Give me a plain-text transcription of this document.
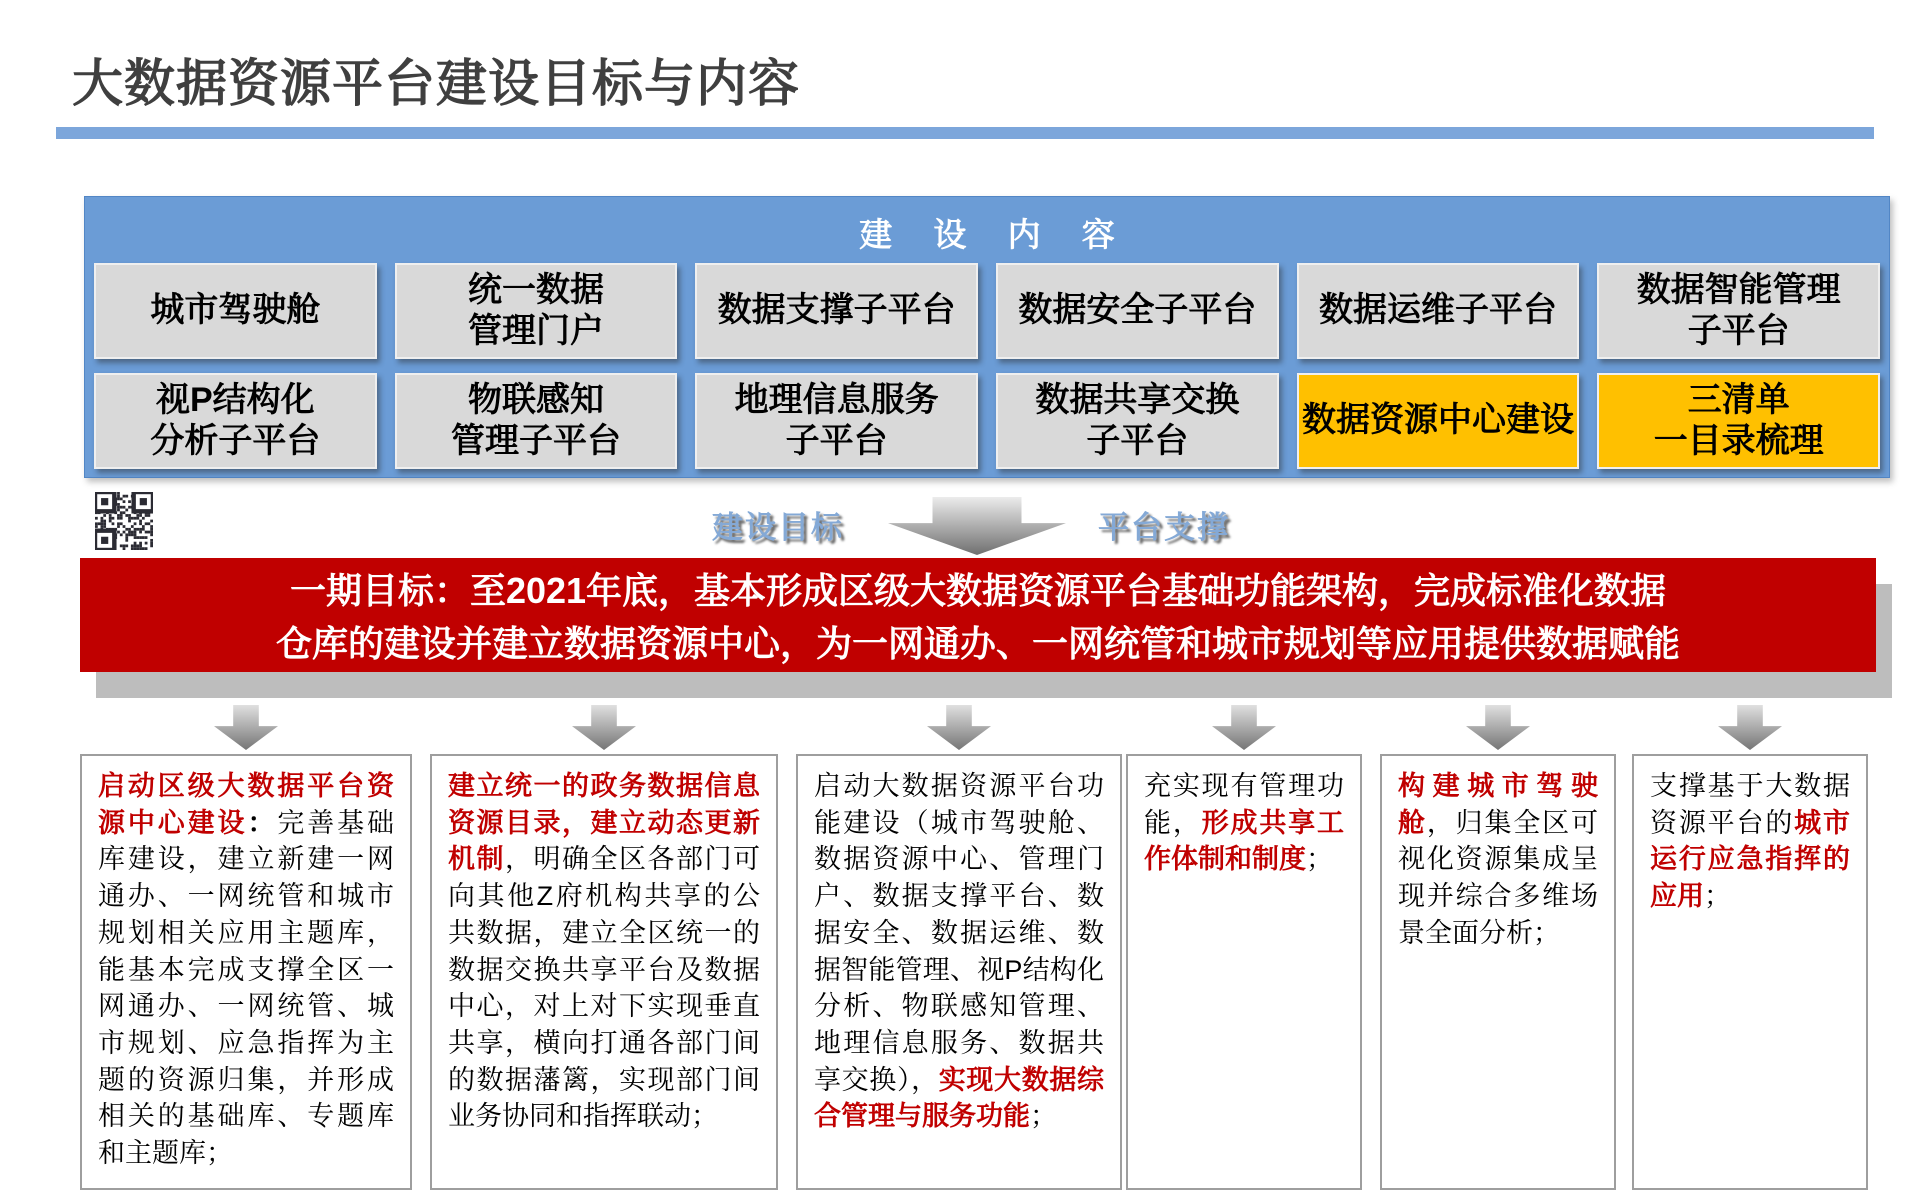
大数据资源平台建设目标与内容
建 设 内 容
城市驾驶舱
统一数据
管理门户
数据支撑子平台 数据安全子平台 数据运维子平台
数据智能管理
子平台
视P结构化
分析子平台
物联感知
管理子平台
地理信息服务
子平台
数据共享交换
子平台
数据资源中心建设
三清单
一目录梳理
建设目标	平台支撑
一期目标：至2021年底，基本形成区级大数据资源平台基础功能架构，完成标准化数据
仓库的建设并建立数据资源中心，为一网通办、一网统管和城市规划等应用提供数据赋能
启动区级大数据平台资源中心建设：完善基础库建设，建立新建一网通办、一网统管和城市规划相关应用主题库，能基本完成支撑全区一网通办、一网统管、城市规划、应急指挥为主题的资源归集，并形成相关的基础库、专题库和主题库；
建立统一的政务数据信息资源目录，建立动态更新机制，明确全区各部门可向其他Z府机构共享的公共数据，建立全区统一的数据交换共享平台及数据中心，对上对下实现垂直共享，横向打通各部门间的数据藩篱，实现部门间业务协同和指挥联动；
启动大数据资源平台功能建设（城市驾驶舱、数据资源中心、管理门户、数据支撑平台、数据安全、数据运维、数据智能管理、视P结构化分析、物联感知管理、地理信息服务、数据共享交换），实现大数据综合管理与服务功能；
充实现有管理功能，形成共享工作体制和制度；
构建城市驾驶舱，归集全区可视化资源集成呈现并综合多维场景全面分析；
支撑基于大数据资源平台的城市运行应急指挥的应用；
